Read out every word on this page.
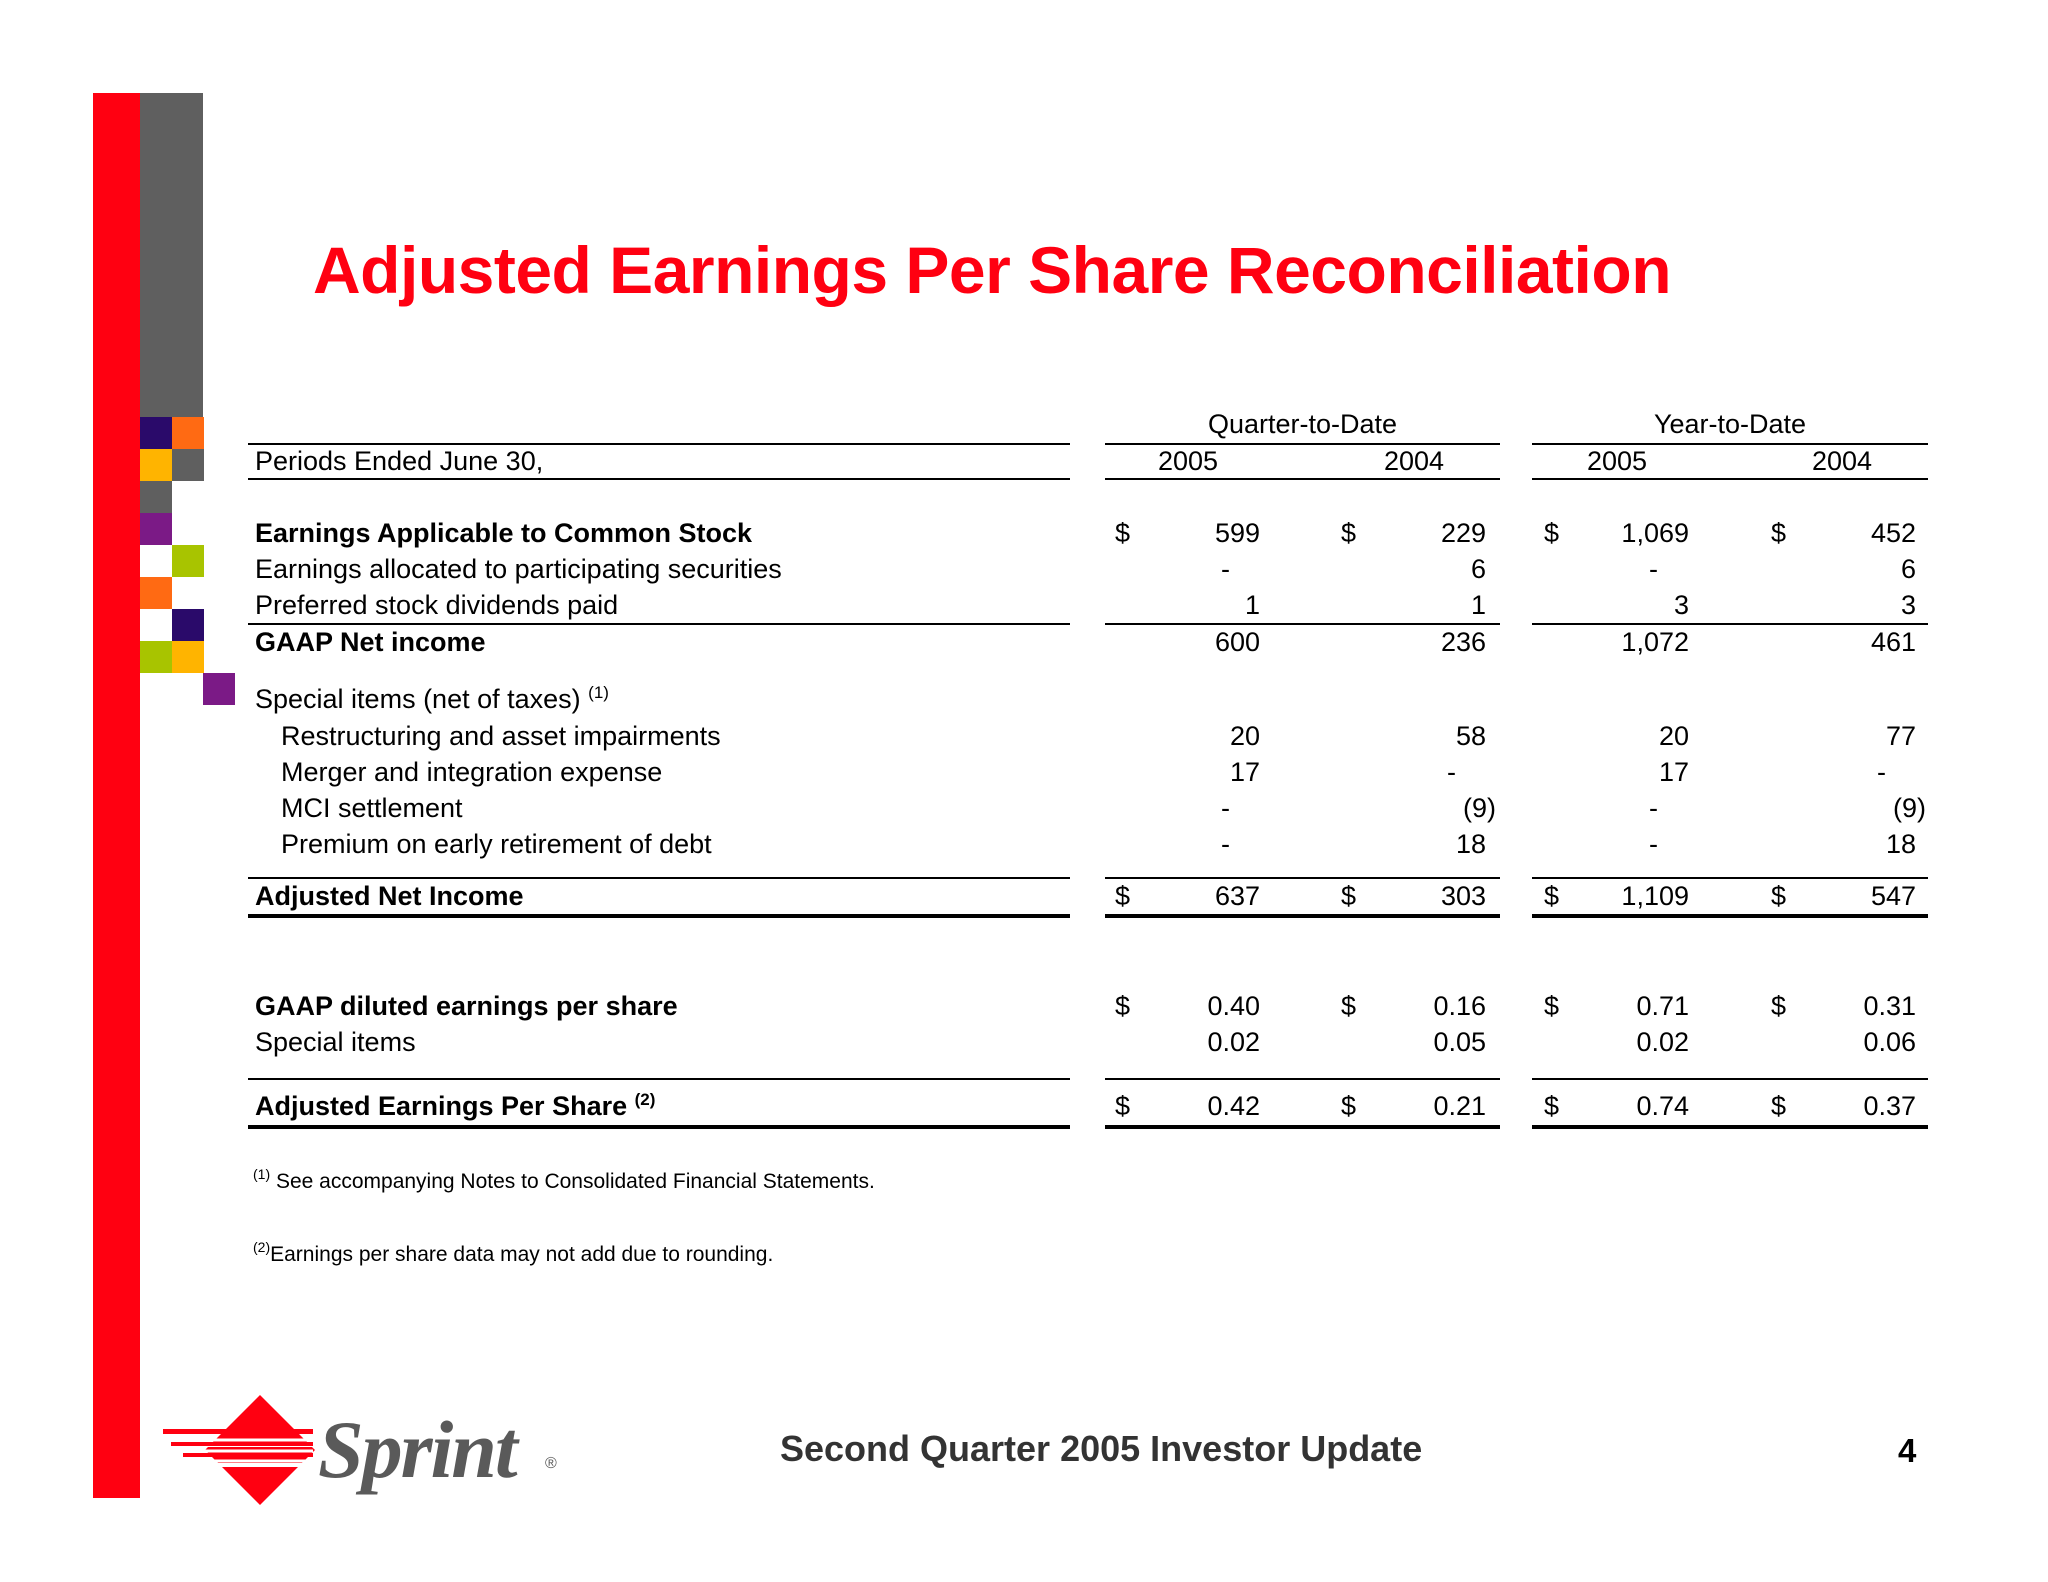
Adjusted Earnings Per Share Reconciliation
Quarter-to-Date	Year-to-Date
Periods Ended June 30,	2005	2004	2005	2004
Earnings Applicable to Common Stock	$	599	$	229 $	1,069	$	452
Earnings allocated to participating securities	-	6	-	6
Preferred stock dividends paid	1	1	3	3
GAAP Net income	600	236	1,072	461
Special items (net of taxes) $^{(1)}$
Restructuring and asset impairments	20	58	20	77
Merger and integration expense	17	-	17	-
MCI settlement	-	(9)	-	(9)
Premium on early retirement of debt	-	18	-	18
Adjusted Net Income	$	637	$	303 $	1,109	$	547
GAAP diluted earnings per share	$	0.40	$	0.16 $	0.71	$	0.31
Special items	0.02	0.05	0.02	0.06
Adjusted Earnings Per Share $^{(2)}$	$	0.42	$	0.21 $	0.74	$	0.37
$^{(1)}$ See accompanying Notes to Consolidated Financial Statements.
$^{(2)}$Earnings per share data may not add due to rounding.
Sprint ®	Second Quarter 2005 Investor Update	4
